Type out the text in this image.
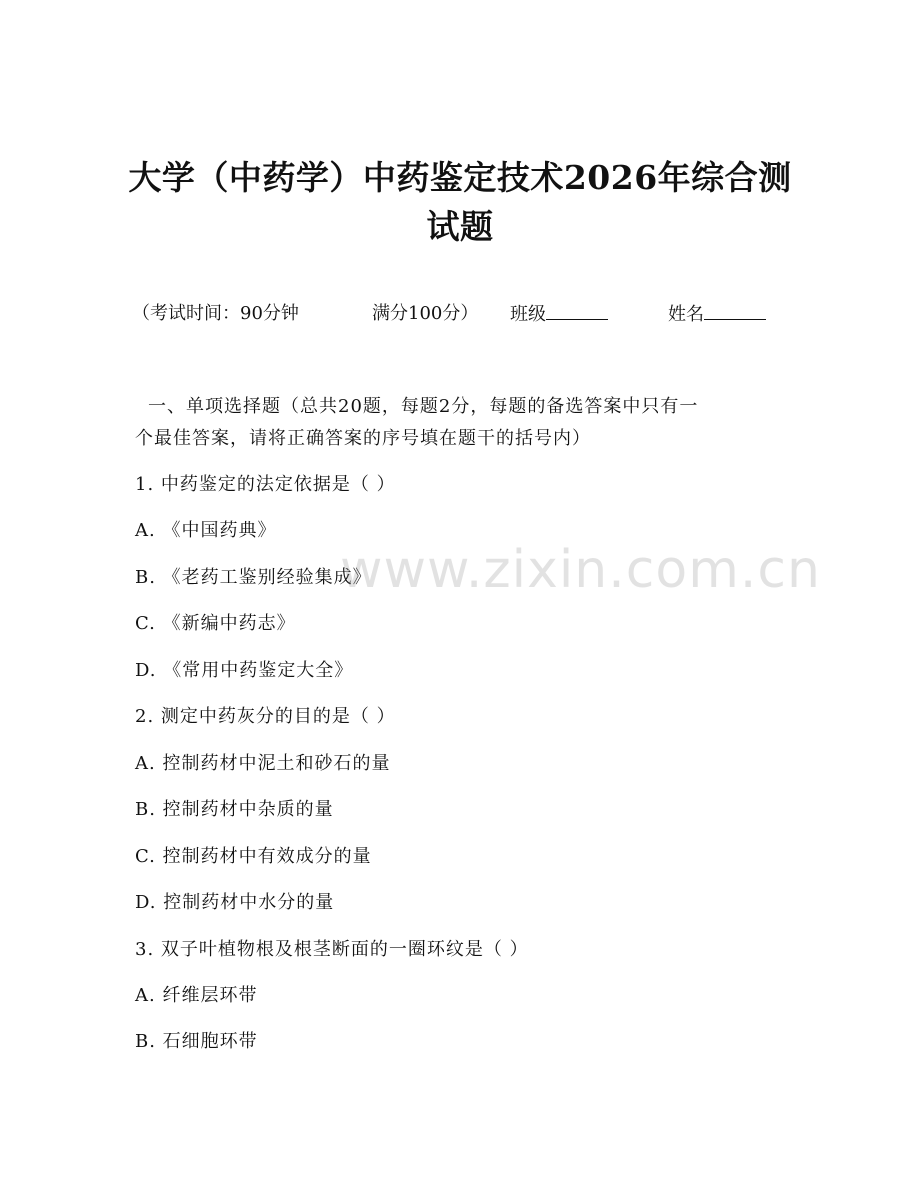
大学（中药学）中药鉴定技术2026年综合测
试题
（考试时间：90分钟	满分100分） 班级	姓名
一、单项选择题（总共20题，每题2分，每题的备选答案中只有一
个最佳答案，请将正确答案的序号填在题干的括号内）
1. 中药鉴定的法定依据是（ ）
A. 《中国药典》
B. 《老药工鉴别经验集成》
C. 《新编中药志》
D. 《常用中药鉴定大全》
2. 测定中药灰分的目的是（ ）
A. 控制药材中泥土和砂石的量
B. 控制药材中杂质的量
C. 控制药材中有效成分的量
D. 控制药材中水分的量
3. 双子叶植物根及根茎断面的一圈环纹是（ ）
A. 纤维层环带
B. 石细胞环带
www.zixin.com.cn
